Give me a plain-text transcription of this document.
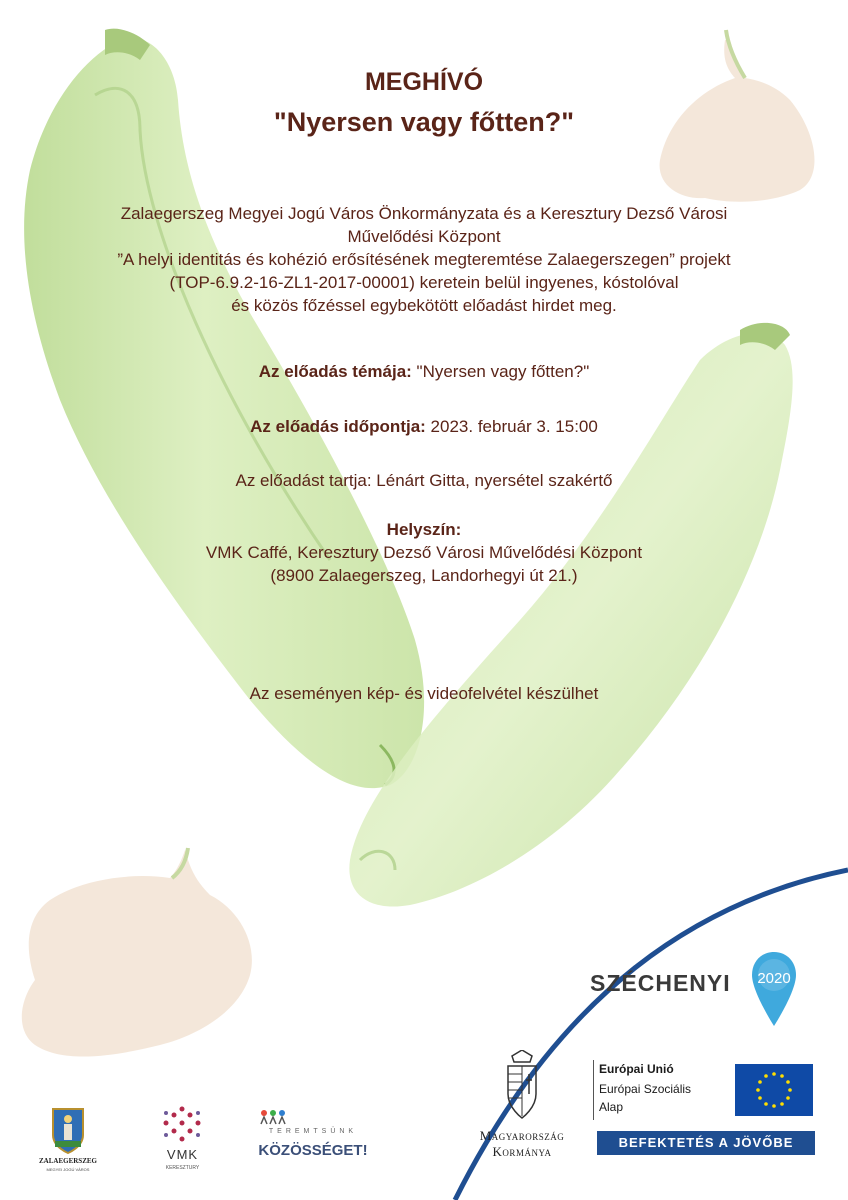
MEGHÍVÓ
"Nyersen vagy főtten?"
Zalaegerszeg Megyei Jogú Város Önkormányzata és a Keresztury Dezső Városi
Művelődési Központ
”A helyi identitás és kohézió erősítésének megteremtése Zalaegerszegen” projekt
(TOP-6.9.2-16-ZL1-2017-00001) keretein belül ingyenes, kóstolóval
és közös főzéssel egybekötött előadást hirdet meg.
Az előadás témája: "Nyersen vagy főtten?"
Az előadás időpontja: 2023. február 3. 15:00
Az előadást tartja: Lénárt Gitta, nyersétel szakértő
Helyszín:
VMK Caffé, Keresztury Dezső Városi Művelődési Központ
(8900 Zalaegerszeg, Landorhegyi út 21.)
Az eseményen kép- és videofelvétel készülhet
SZÉCHENYI	2020
Magyarország
Kormánya
Európai Unió
Európai Szociális
Alap
BEFEKTETÉS A JÖVŐBE
ZALAEGERSZEG
MEGYEI JOGÚ VÁROS
VMK
KERESZTURY
TEREMTSÜNK
KÖZÖSSÉGET!
